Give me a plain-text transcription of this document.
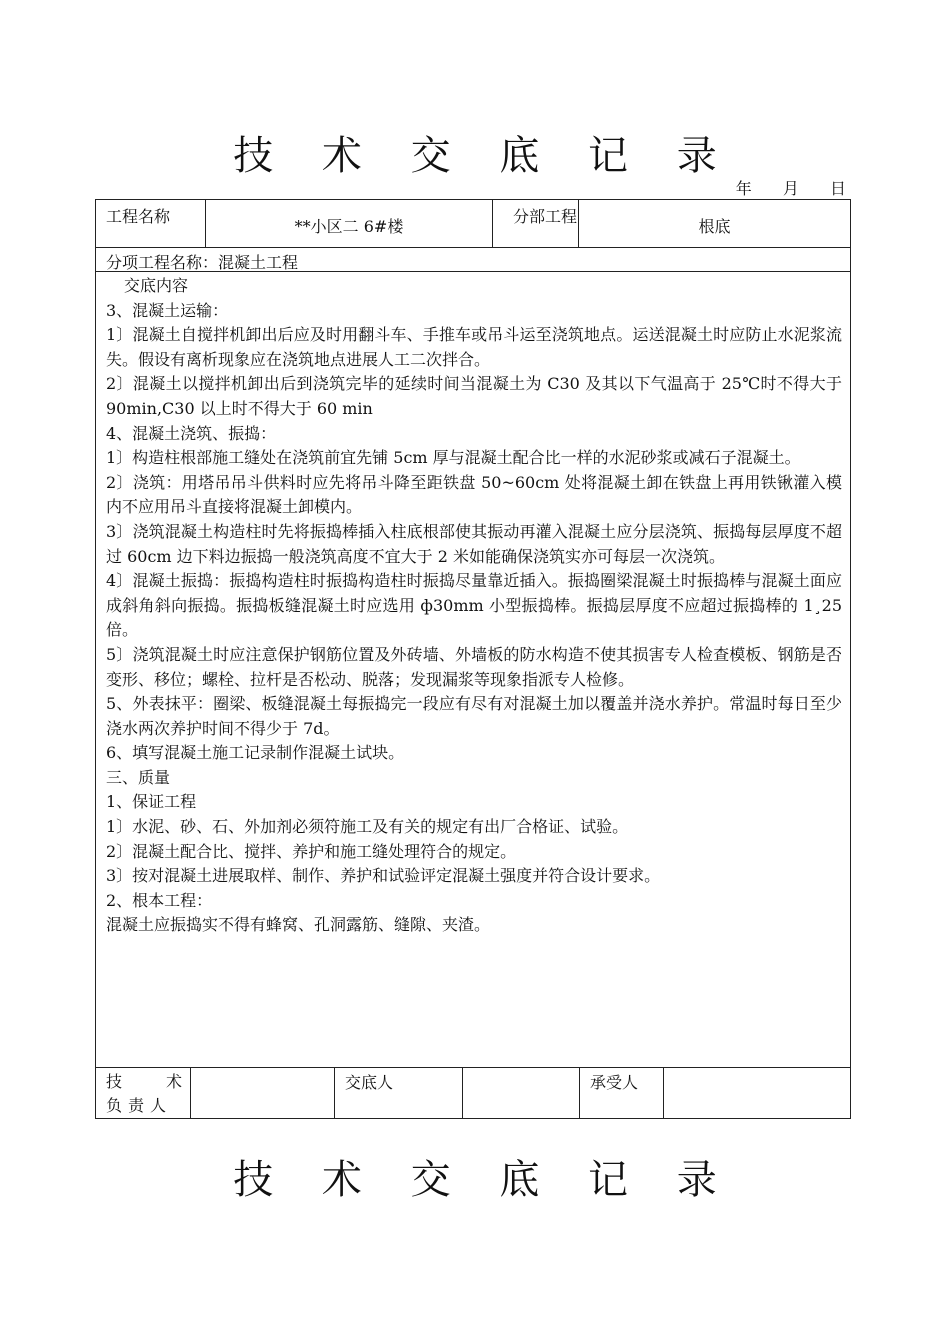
技 术 交 底 记 录
年 月 日
工程名称
**小区二 6#楼
分部工程
根底
分项工程名称：混凝土工程

交底内容

3、混凝土运输：

1〕混凝土自搅拌机卸出后应及时用翻斗车、手推车或吊斗运至浇筑地点。运送混凝土时应防止水泥浆流失。假设有离析现象应在浇筑地点进展人工二次拌合。

2〕混凝土以搅拌机卸出后到浇筑完毕的延续时间当混凝土为 C30 及其以下气温高于 25℃时不得大于 90min,C30 以上时不得大于 60 min

4、混凝土浇筑、振捣：

1〕构造柱根部施工缝处在浇筑前宜先铺 5cm 厚与混凝土配合比一样的水泥砂浆或减石子混凝土。

2〕浇筑：用塔吊吊斗供料时应先将吊斗降至距铁盘 50~60cm 处将混凝土卸在铁盘上再用铁锹灌入模内不应用吊斗直接将混凝土卸模内。

3〕浇筑混凝土构造柱时先将振捣棒插入柱底根部使其振动再灌入混凝土应分层浇筑、振捣每层厚度不超过 60cm 边下料边振捣一般浇筑高度不宜大于 2 米如能确保浇筑实亦可每层一次浇筑。

4〕混凝土振捣：振捣构造柱时振捣构造柱时振捣尽量靠近插入。振捣圈梁混凝土时振捣棒与混凝土面应成斜角斜向振捣。振捣板缝混凝土时应选用 ф30mm 小型振捣棒。振捣层厚度不应超过振捣棒的 1¸25 倍。

5〕浇筑混凝土时应注意保护钢筋位置及外砖墙、外墙板的防水构造不使其损害专人检查模板、钢筋是否变形、移位；螺栓、拉杆是否松动、脱落；发现漏浆等现象指派专人检修。

5、外表抹平：圈梁、板缝混凝土每振捣完一段应有尽有对混凝土加以覆盖并浇水养护。常温时每日至少浇水两次养护时间不得少于 7d。

6、填写混凝土施工记录制作混凝土试块。

三、质量

1、保证工程

1〕水泥、砂、石、外加剂必须符施工及有关的规定有出厂合格证、试验。

2〕混凝土配合比、搅拌、养护和施工缝处理符合的规定。

3〕按对混凝土进展取样、制作、养护和试验评定混凝土强度并符合设计要求。

2、根本工程：

混凝土应振捣实不得有蜂窝、孔洞露筋、缝隙、夹渣。

技	术
负责人
交底人	承受人
技 术 交 底 记 录
